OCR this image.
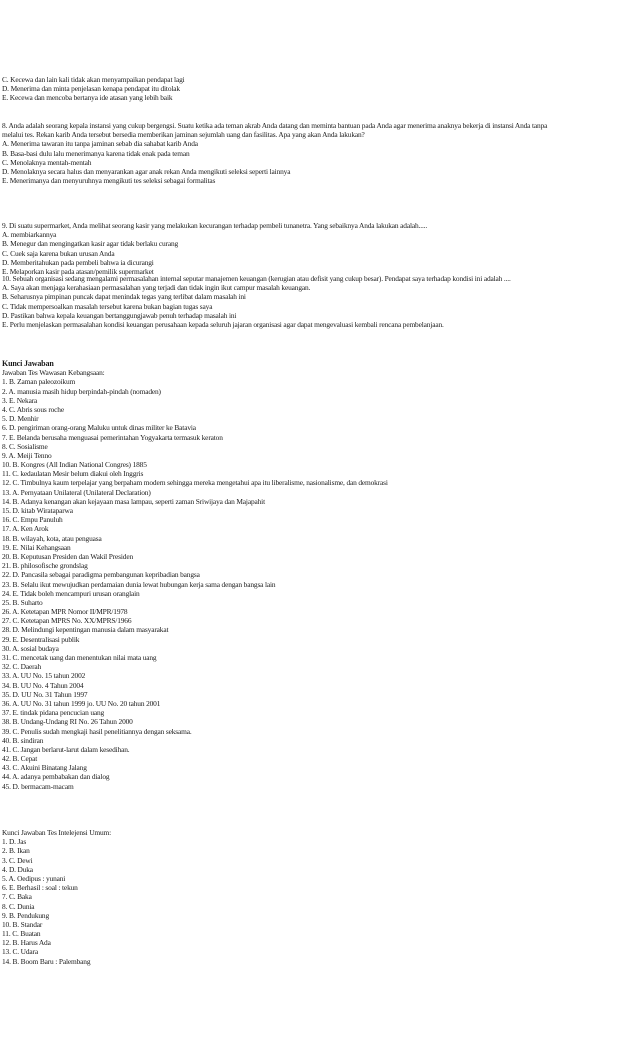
C. Kecewa dan lain kali tidak akan menyampaikan pendapat lagi
D. Menerima dan minta penjelasan kenapa pendapat itu ditolak
E. Kecewa dan mencoba bertanya ide atasan yang lebih baik
8. Anda adalah seorang kepala instansi yang cukup bergengsi. Suatu ketika ada teman akrab Anda datang dan meminta bantuan pada Anda agar menerima anaknya bekerja di instansi Anda tanpa
melalui tes. Rekan karib Anda tersebut bersedia memberikan jaminan sejumlah uang dan fasilitas. Apa yang akan Anda lakukan?
A. Menerima tawaran itu tanpa jaminan sebab dia sahabat karib Anda
B. Basa-basi dulu lalu menerimanya karena tidak enak pada teman
C. Menolaknya mentah-mentah
D. Menolaknya secara halus dan menyarankan agar anak rekan Anda mengikuti seleksi seperti lainnya
E. Menerimanya dan menyuruhnya mengikuti tes seleksi sebagai formalitas
9. Di suatu supermarket, Anda melihat seorang kasir yang melakukan kecurangan terhadap pembeli tunanetra. Yang sebaiknya Anda lakukan adalah.....
A. membiarkannya
B. Menegur dan mengingatkan kasir agar tidak berlaku curang
C. Cuek saja karena bukan urusan Anda
D. Memberitahukan pada pembeli bahwa ia dicurangi
E. Melaporkan kasir pada atasan/pemilik supermarket
10. Sebuah organisasi sedang mengalami permasalahan internal seputar manajemen keuangan (kerugian atau defisit yang cukup besar). Pendapat saya terhadap kondisi ini adalah ....
A. Saya akan menjaga kerahasiaan permasalahan yang terjadi dan tidak ingin ikut campur masalah keuangan.
B. Seharusnya pimpinan puncak dapat menindak tegas yang terlibat dalam masalah ini
C. Tidak mempersoalkan masalah tersebut karena bukan bagian tugas saya
D. Pastikan bahwa kepala keuangan bertanggungjawab penuh terhadap masalah ini
E. Perlu menjelaskan permasalahan kondisi keuangan perusahaan kepada seluruh jajaran organisasi agar dapat mengevaluasi kembali rencana pembelanjaan.
Kunci Jawaban
Jawaban Tes Wawasan Kebangsaan:
1. B. Zaman paleozoikum
2. A. manusia masih hidup berpindah-pindah (nomaden)
3. E. Nekara
4. C. Abris sous roche
5. D. Menhir
6. D. pengiriman orang-orang Maluku untuk dinas militer ke Batavia
7. E. Belanda berusaha menguasai pemerintahan Yogyakarta termasuk keraton
8. C. Sosialisme
9. A. Meiji Tenno
10. B. Kongres (All Indian National Congres) 1885
11. C. kedaulatan Mesir belum diakui oleh Inggris
12. C. Timbulnya kaum terpelajar yang berpaham modern sehingga mereka mengetahui apa itu liberalisme, nasionalisme, dan demokrasi
13. A. Pernyataan Unilateral (Unilateral Declaration)
14. B. Adanya kenangan akan kejayaan masa lampau, seperti zaman Sriwijaya dan Majapahit
15. D. kitab Wirataparwa
16. C. Empu Panuluh
17. A. Ken Arok
18. B. wilayah, kota, atau penguasa
19. E. Nilai Kehangsaan
20. B. Keputusan Presiden dan Wakil Presiden
21. B. philosofische grondslag
22. D. Pancasila sebagai paradigma pembangunan kepribadian bangsa
23. B. Selalu ikut mewujudkan perdamaian dunia lewat hubungan kerja sama dengan bangsa lain
24. E. Tidak boleh mencampuri urusan oranglain
25. B. Suharto
26. A. Ketetapan MPR Nomor II/MPR/1978
27. C. Ketetapan MPRS No. XX/MPRS/1966
28. D. Melindungi kepentingan manusia dalam masyarakat
29. E. Desentralisasi publik
30. A. sosial budaya
31. C. mencetak uang dan menentukan nilai mata uang
32. C. Daerah
33. A. UU No. 15 tahun 2002
34. B. UU No. 4 Tahun 2004
35. D. UU No. 31 Tahun 1997
36. A. UU No. 31 tahun 1999 jo. UU No. 20 tahun 2001
37. E. tindak pidana pencucian uang
38. B. Undang-Undang RI No. 26 Tahun 2000
39. C. Penulis sudah mengkaji hasil penelitiannya dengan seksama.
40. B. sindiran
41. C. Jangan berlarut-larut dalam kesedihan.
42. B. Cepat
43. C. Akuini Binatang Jalang
44. A. adanya pembabakan dan dialog
45. D. bermacam-macam
Kunci Jawaban Tes Intelejensi Umum:
1. D. Jas
2. B. Ikan
3. C. Dewi
4. D. Duka
5. A. Oedipus : yunani
6. E. Berhasil : soal : tekun
7. C. Baka
8. C. Dunia
9. B. Pendukung
10. B. Standar
11. C. Buatan
12. B. Harus Ada
13. C. Udara
14. B. Boom Baru : Palembang
